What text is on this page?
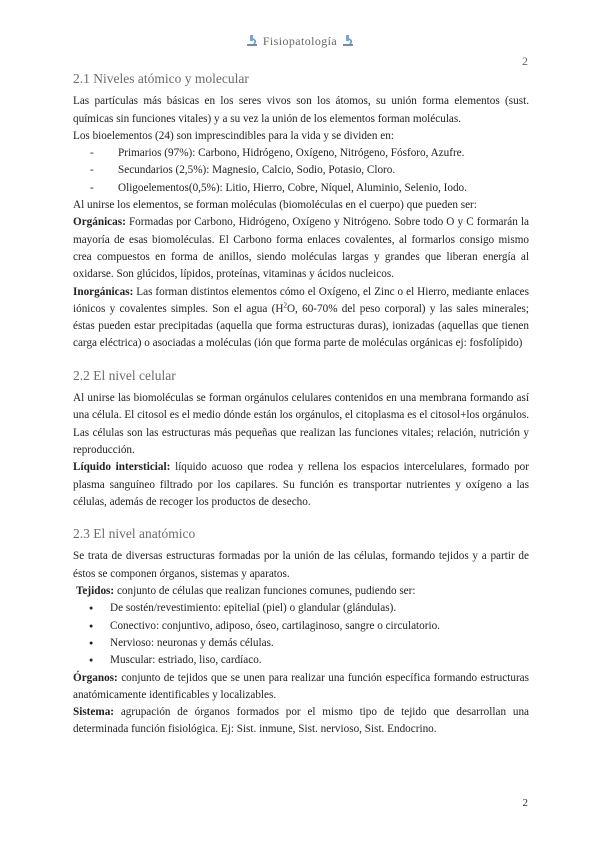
Fisiopatología
2
2.1 Niveles atómico y molecular

Las partículas más básicas en los seres vivos son los átomos, su unión forma elementos (sust. químicas sin funciones vitales) y a su vez la unión de los elementos forman moléculas.

Los bioelementos (24) son imprescindibles para la vida y se dividen en:

- Primarios (97%): Carbono, Hidrógeno, Oxígeno, Nitrógeno, Fósforo, Azufre.
- Secundarios (2,5%): Magnesio, Calcio, Sodio, Potasio, Cloro.
- Oligoelementos(0,5%): Litio, Hierro, Cobre, Níquel, Aluminio, Selenio, Iodo.

Al unirse los elementos, se forman moléculas (biomoléculas en el cuerpo) que pueden ser:

Orgánicas: Formadas por Carbono, Hidrógeno, Oxígeno y Nitrógeno. Sobre todo O y C formarán la mayoría de esas biomoléculas. El Carbono forma enlaces covalentes, al formarlos consigo mismo crea compuestos en forma de anillos, siendo moléculas largas y grandes que liberan energía al oxidarse. Son glúcidos, lípidos, proteínas, vitaminas y ácidos nucleicos.

Inorgánicas: Las forman distintos elementos cómo el Oxígeno, el Zinc o el Hierro, mediante enlaces iónicos y covalentes simples. Son el agua ($H^2O$, 60-70% del peso corporal) y las sales minerales; éstas pueden estar precipitadas (aquella que forma estructuras duras), ionizadas (aquellas que tienen carga eléctrica) o asociadas a moléculas (ión que forma parte de moléculas orgánicas ej: fosfolípido)

2.2 El nivel celular

Al unirse las biomoléculas se forman orgánulos celulares contenidos en una membrana formando así una célula. El citosol es el medio dónde están los orgánulos, el citoplasma es el citosol+los orgánulos. Las células son las estructuras más pequeñas que realizan las funciones vitales; relación, nutrición y reproducción.

Líquido intersticial: líquido acuoso que rodea y rellena los espacios intercelulares, formado por plasma sanguíneo filtrado por los capilares. Su función es transportar nutrientes y oxígeno a las células, además de recoger los productos de desecho.

2.3 El nivel anatómico

Se trata de diversas estructuras formadas por la unión de las células, formando tejidos y a partir de éstos se componen órganos, sistemas y aparatos.

Tejidos: conjunto de células que realizan funciones comunes, pudiendo ser:

● De sostén/revestimiento: epitelial (piel) o glandular (glándulas).
● Conectivo: conjuntivo, adiposo, óseo, cartilaginoso, sangre o circulatorio.
● Nervioso: neuronas y demás células.
● Muscular: estriado, liso, cardíaco.

Órganos: conjunto de tejidos que se unen para realizar una función específica formando estructuras anatómicamente identificables y localizables.

Sistema: agrupación de órganos formados por el mismo tipo de tejido que desarrollan una determinada función fisiológica. Ej: Sist. inmune, Sist. nervioso, Sist. Endocrino.

2
